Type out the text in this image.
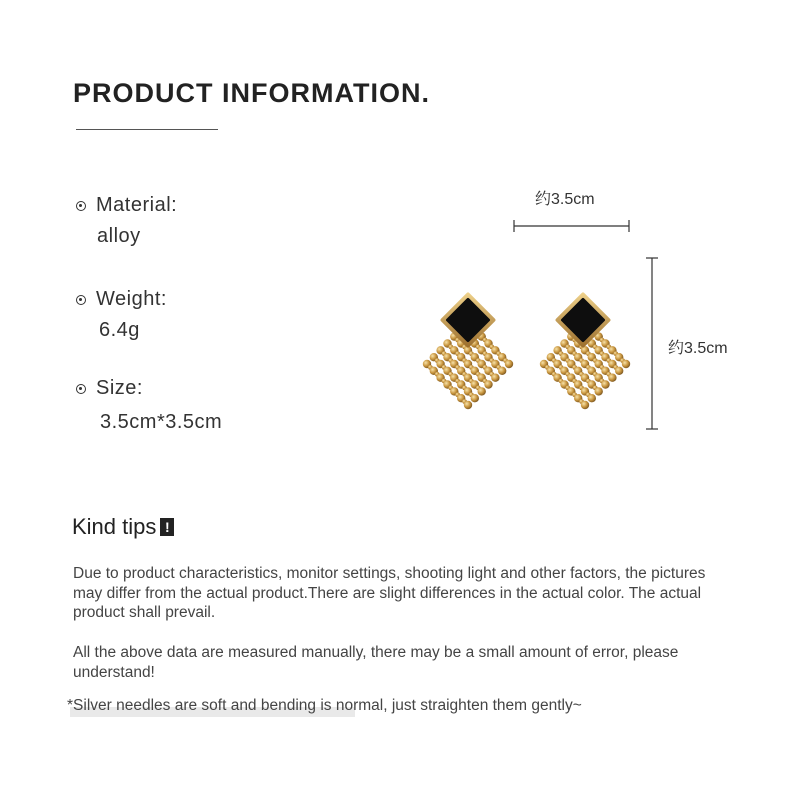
PRODUCT INFORMATION.
Material:
alloy
Weight:
6.4g
Size:
3.5cm*3.5cm
约3.5cm
约3.5cm
Kind tips !
Due to product characteristics, monitor settings, shooting light and other factors, the pictures may differ from the actual product.There are slight differences in the actual color. The actual product shall prevail.
All the above data are measured manually, there may be a small amount of error, please understand!
*Silver needles are soft and bending is normal, just straighten them gently~
